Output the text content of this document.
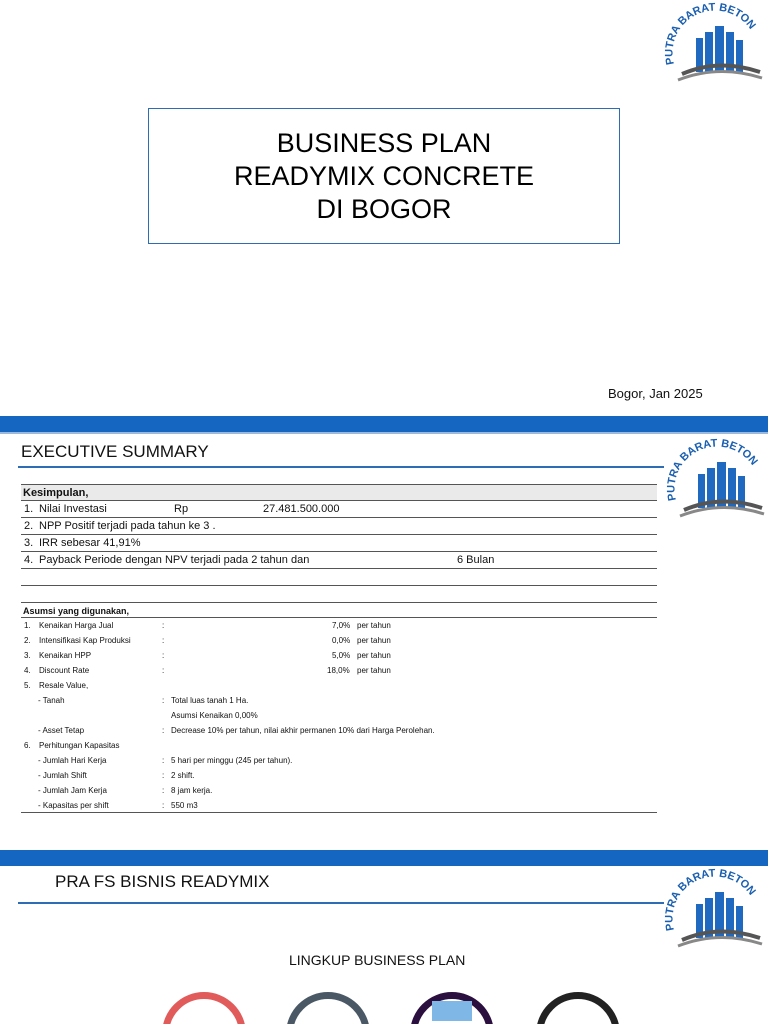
PUTRA BARAT BETON
BUSINESS PLAN
READYMIX CONCRETE
DI BOGOR
Bogor, Jan 2025
EXECUTIVE SUMMARY
PUTRA BARAT BETON
Kesimpulan,
1. Nilai Investasi	Rp	27.481.500.000
2. NPP Positif terjadi pada tahun ke 3 .
3. IRR sebesar 41,91%
4. Payback Periode dengan NPV terjadi pada 2 tahun dan	6 Bulan
Asumsi yang digunakan,
1. Kenaikan Harga Jual	:	7,0% per tahun
2. Intensifikasi Kap Produksi	:	0,0% per tahun
3. Kenaikan HPP	:	5,0% per tahun
4. Discount Rate	:	18,0% per tahun
5. Resale Value,
- Tanah	: Total luas tanah 1 Ha.
Asumsi Kenaikan 0,00%
- Asset Tetap	: Decrease 10% per tahun, nilai akhir permanen 10% dari Harga Perolehan.
6. Perhitungan Kapasitas
- Jumlah Hari Kerja	: 5 hari per minggu (245 per tahun).
- Jumlah Shift	: 2 shift.
- Jumlah Jam Kerja	: 8 jam kerja.
- Kapasitas per shift	: 550 m3
PRA FS BISNIS READYMIX
PUTRA BARAT BETON
LINGKUP BUSINESS PLAN
